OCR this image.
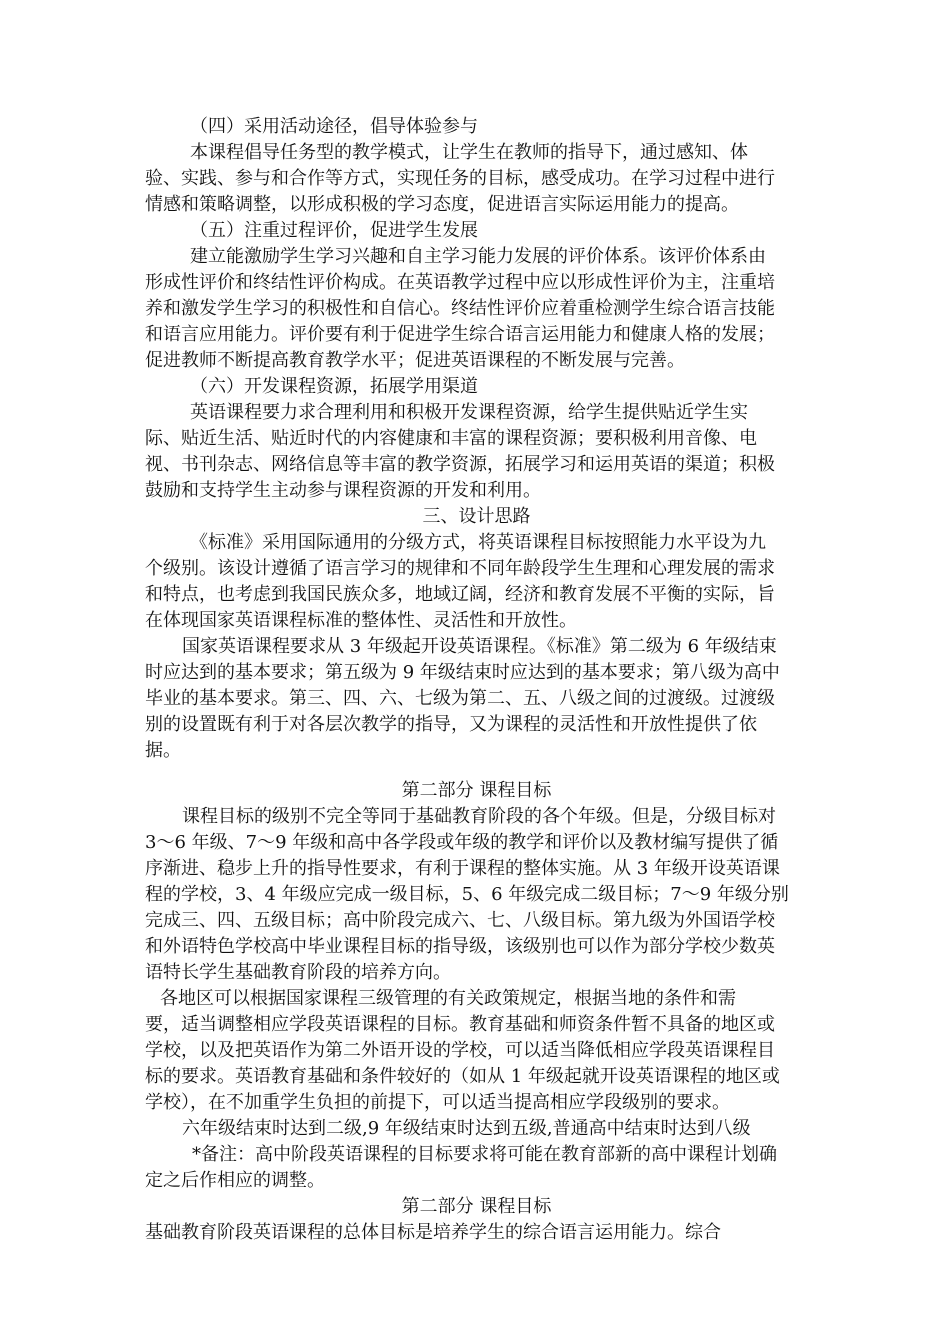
（四）采用活动途径，倡导体验参与
本课程倡导任务型的教学模式，让学生在教师的指导下，通过感知、体
验、实践、参与和合作等方式，实现任务的目标，感受成功。在学习过程中进行
情感和策略调整，以形成积极的学习态度，促进语言实际运用能力的提高。
（五）注重过程评价，促进学生发展
建立能激励学生学习兴趣和自主学习能力发展的评价体系。该评价体系由
形成性评价和终结性评价构成。在英语教学过程中应以形成性评价为主，注重培
养和激发学生学习的积极性和自信心。终结性评价应着重检测学生综合语言技能
和语言应用能力。评价要有利于促进学生综合语言运用能力和健康人格的发展；
促进教师不断提高教育教学水平；促进英语课程的不断发展与完善。
（六）开发课程资源，拓展学用渠道
英语课程要力求合理利用和积极开发课程资源，给学生提供贴近学生实
际、贴近生活、贴近时代的内容健康和丰富的课程资源；要积极利用音像、电
视、书刊杂志、网络信息等丰富的教学资源，拓展学习和运用英语的渠道；积极
鼓励和支持学生主动参与课程资源的开发和利用。
三、设计思路
《标准》采用国际通用的分级方式，将英语课程目标按照能力水平设为九
个级别。该设计遵循了语言学习的规律和不同年龄段学生生理和心理发展的需求
和特点，也考虑到我国民族众多，地域辽阔，经济和教育发展不平衡的实际，旨
在体现国家英语课程标准的整体性、灵活性和开放性。
国家英语课程要求从 3 年级起开设英语课程。《标准》第二级为 6 年级结束
时应达到的基本要求；第五级为 9 年级结束时应达到的基本要求；第八级为高中
毕业的基本要求。第三、四、六、七级为第二、五、八级之间的过渡级。过渡级
别的设置既有利于对各层次教学的指导，又为课程的灵活性和开放性提供了依
据。
第二部分 课程目标
课程目标的级别不完全等同于基础教育阶段的各个年级。但是，分级目标对
3～6 年级、7～9 年级和高中各学段或年级的教学和评价以及教材编写提供了循
序渐进、稳步上升的指导性要求，有利于课程的整体实施。从 3 年级开设英语课
程的学校，3、4 年级应完成一级目标，5、6 年级完成二级目标；7～9 年级分别
完成三、四、五级目标；高中阶段完成六、七、八级目标。第九级为外国语学校
和外语特色学校高中毕业课程目标的指导级，该级别也可以作为部分学校少数英
语特长学生基础教育阶段的培养方向。
各地区可以根据国家课程三级管理的有关政策规定，根据当地的条件和需
要，适当调整相应学段英语课程的目标。教育基础和师资条件暂不具备的地区或
学校，以及把英语作为第二外语开设的学校，可以适当降低相应学段英语课程目
标的要求。英语教育基础和条件较好的（如从 1 年级起就开设英语课程的地区或
学校），在不加重学生负担的前提下，可以适当提高相应学段级别的要求。
六年级结束时达到二级,9 年级结束时达到五级,普通高中结束时达到八级
*备注：高中阶段英语课程的目标要求将可能在教育部新的高中课程计划确
定之后作相应的调整。
第二部分 课程目标
基础教育阶段英语课程的总体目标是培养学生的综合语言运用能力。综合
